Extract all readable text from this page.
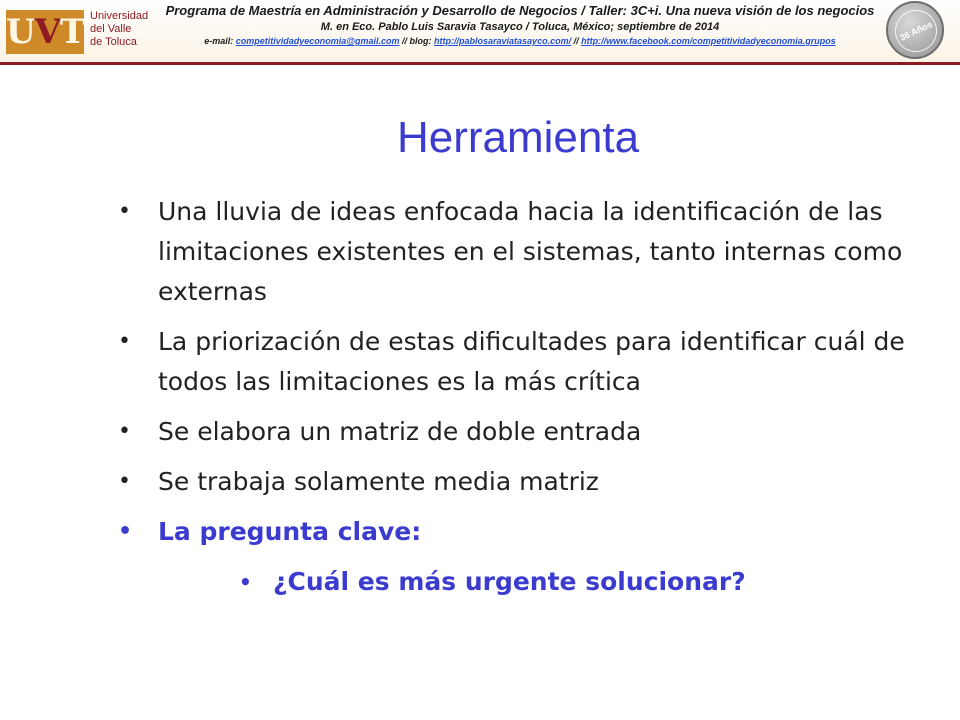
UVT Universidad
del Valle
de Toluca
Programa de Maestría en Administración y Desarrollo de Negocios / Taller: 3C+i. Una nueva visión de los negocios
M. en Eco. Pablo Luis Saravia Tasayco / Toluca, México; septiembre de 2014
e-mail: competitividadyeconomia@gmail.com // blog: http://pablosaraviatasayco.com/ // http://www.facebook.com/competitividadyeconomia.grupos	36 Años
Herramienta
• Una lluvia de ideas enfocada hacia la identificación de las limitaciones existentes en el sistemas, tanto internas como externas
• La priorización de estas dificultades para identificar cuál de todos las limitaciones es la más crítica
• Se elabora un matriz de doble entrada
• Se trabaja solamente media matriz
• La pregunta clave:
• ¿Cuál es más urgente solucionar?
